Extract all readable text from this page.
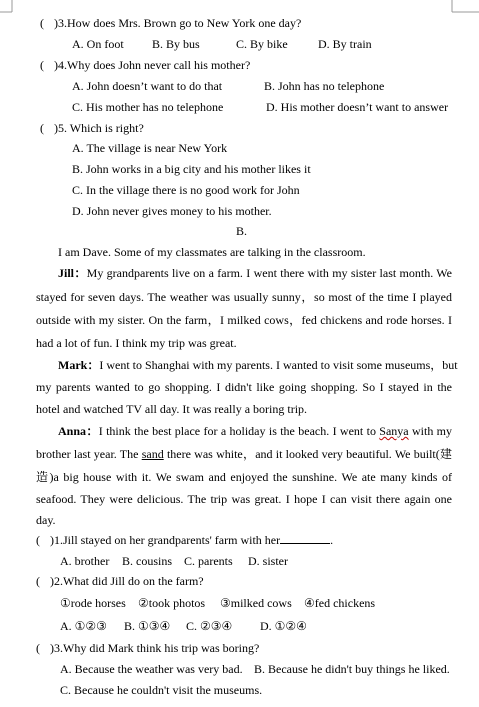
( )3.How does Mrs. Brown go to New York one day?
A. On foot B. By bus	C. By bike	D. By train
( )4.Why does John never call his mother?
A. John doesn’t want to do that	B. John has no telephone
C. His mother has no telephone	D. His mother doesn’t want to answer
( )5. Which is right?
A. The village is near New York
B. John works in a big city and his mother likes it
C. In the village there is no good work for John
D. John never gives money to his mother.
B.
I am Dave. Some of my classmates are talking in the classroom.
Jill：My grandparents live on a farm. I went there with my sister last month. We
stayed for seven days. The weather was usually sunny，so most of the time I played
outside with my sister. On the farm，I milked cows，fed chickens and rode horses. I
had a lot of fun. I think my trip was great.
Mark：I went to Shanghai with my parents. I wanted to visit some museums，but
my parents wanted to go shopping. I didn't like going shopping. So I stayed in the
hotel and watched TV all day. It was really a boring trip.
Anna：I think the best place for a holiday is the beach. I went to Sanya with my
brother last year. The sand there was white，and it looked very beautiful. We built(建
造)a big house with it. We swam and enjoyed the sunshine. We ate many kinds of
seafood. They were delicious. The trip was great. I hope I can visit there again one
day.
( )1.Jill stayed on her grandparents' farm with her	.
A. brother B. cousins C. parents D. sister
( )2.What did Jill do on the farm?
①rode horses ②took photos ③milked cows ④fed chickens
A. ①②③ B. ①③④ C. ②③④ D. ①②④
( )3.Why did Mark think his trip was boring?
A. Because the weather was very bad. B. Because he didn't buy things he liked.
C. Because he couldn't visit the museums.
